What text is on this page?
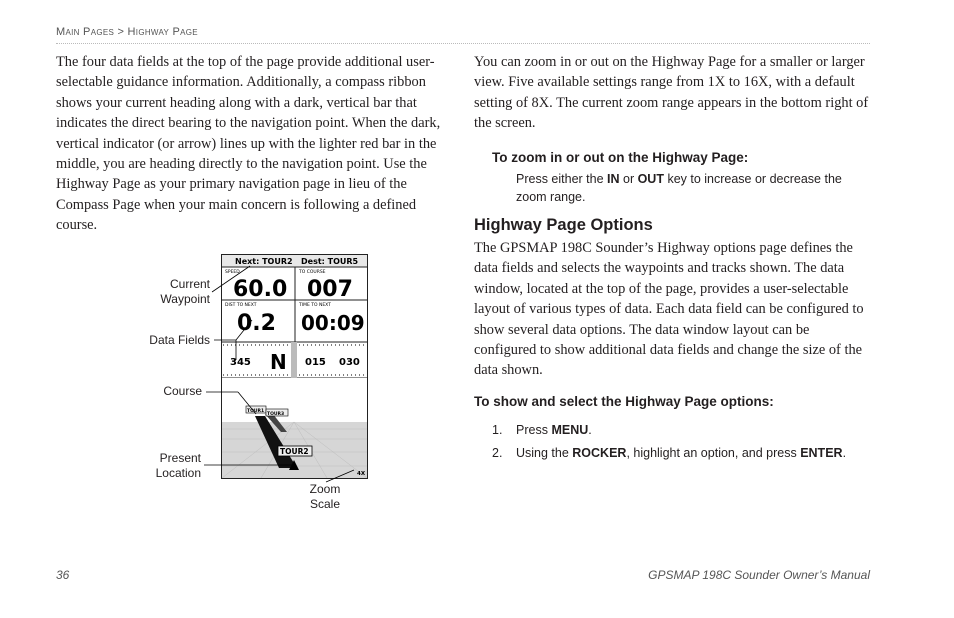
Main Pages > Highway Page

The four data fields at the top of the page provide additional user-selectable guidance information. Additionally, a compass ribbon shows your current heading along with a dark, vertical bar that indicates the direct bearing to the navigation point. When the dark, vertical indicator (or arrow) lines up with the lighter red bar in the middle, you are heading directly to the navigation point. Use the Highway Page as your primary navigation page in lieu of the Compass Page when your main concern is following a defined course.

Current
Waypoint
Data Fields
Course
Present
Location
Zoom
Scale
Next: TOUR2 Dest: TOUR5
SPEED
60.0
TO COURSE
007
DIST TO NEXT
0.2
TIME TO NEXT
00:09
345 N 015 030
TOUR1
TOUR3
TOUR2
4X

You can zoom in or out on the Highway Page for a smaller or larger view. Five available settings range from 1X to 16X, with a default setting of 8X. The current zoom range appears in the bottom right of the screen.

To zoom in or out on the Highway Page:
Press either the IN or OUT key to increase or decrease the zoom range.
Highway Page Options

The GPSMAP 198C Sounder’s Highway options page defines the data fields and selects the waypoints and tracks shown. The data window, located at the top of the page, provides a user-selectable layout of various types of data. Each data field can be configured to show several data options. The data window layout can be configured to show additional data fields and change the size of the data shown.

To show and select the Highway Page options:
1. Press MENU.
2. Using the ROCKER, highlight an option, and press ENTER.
36	GPSMAP 198C Sounder Owner’s Manual
